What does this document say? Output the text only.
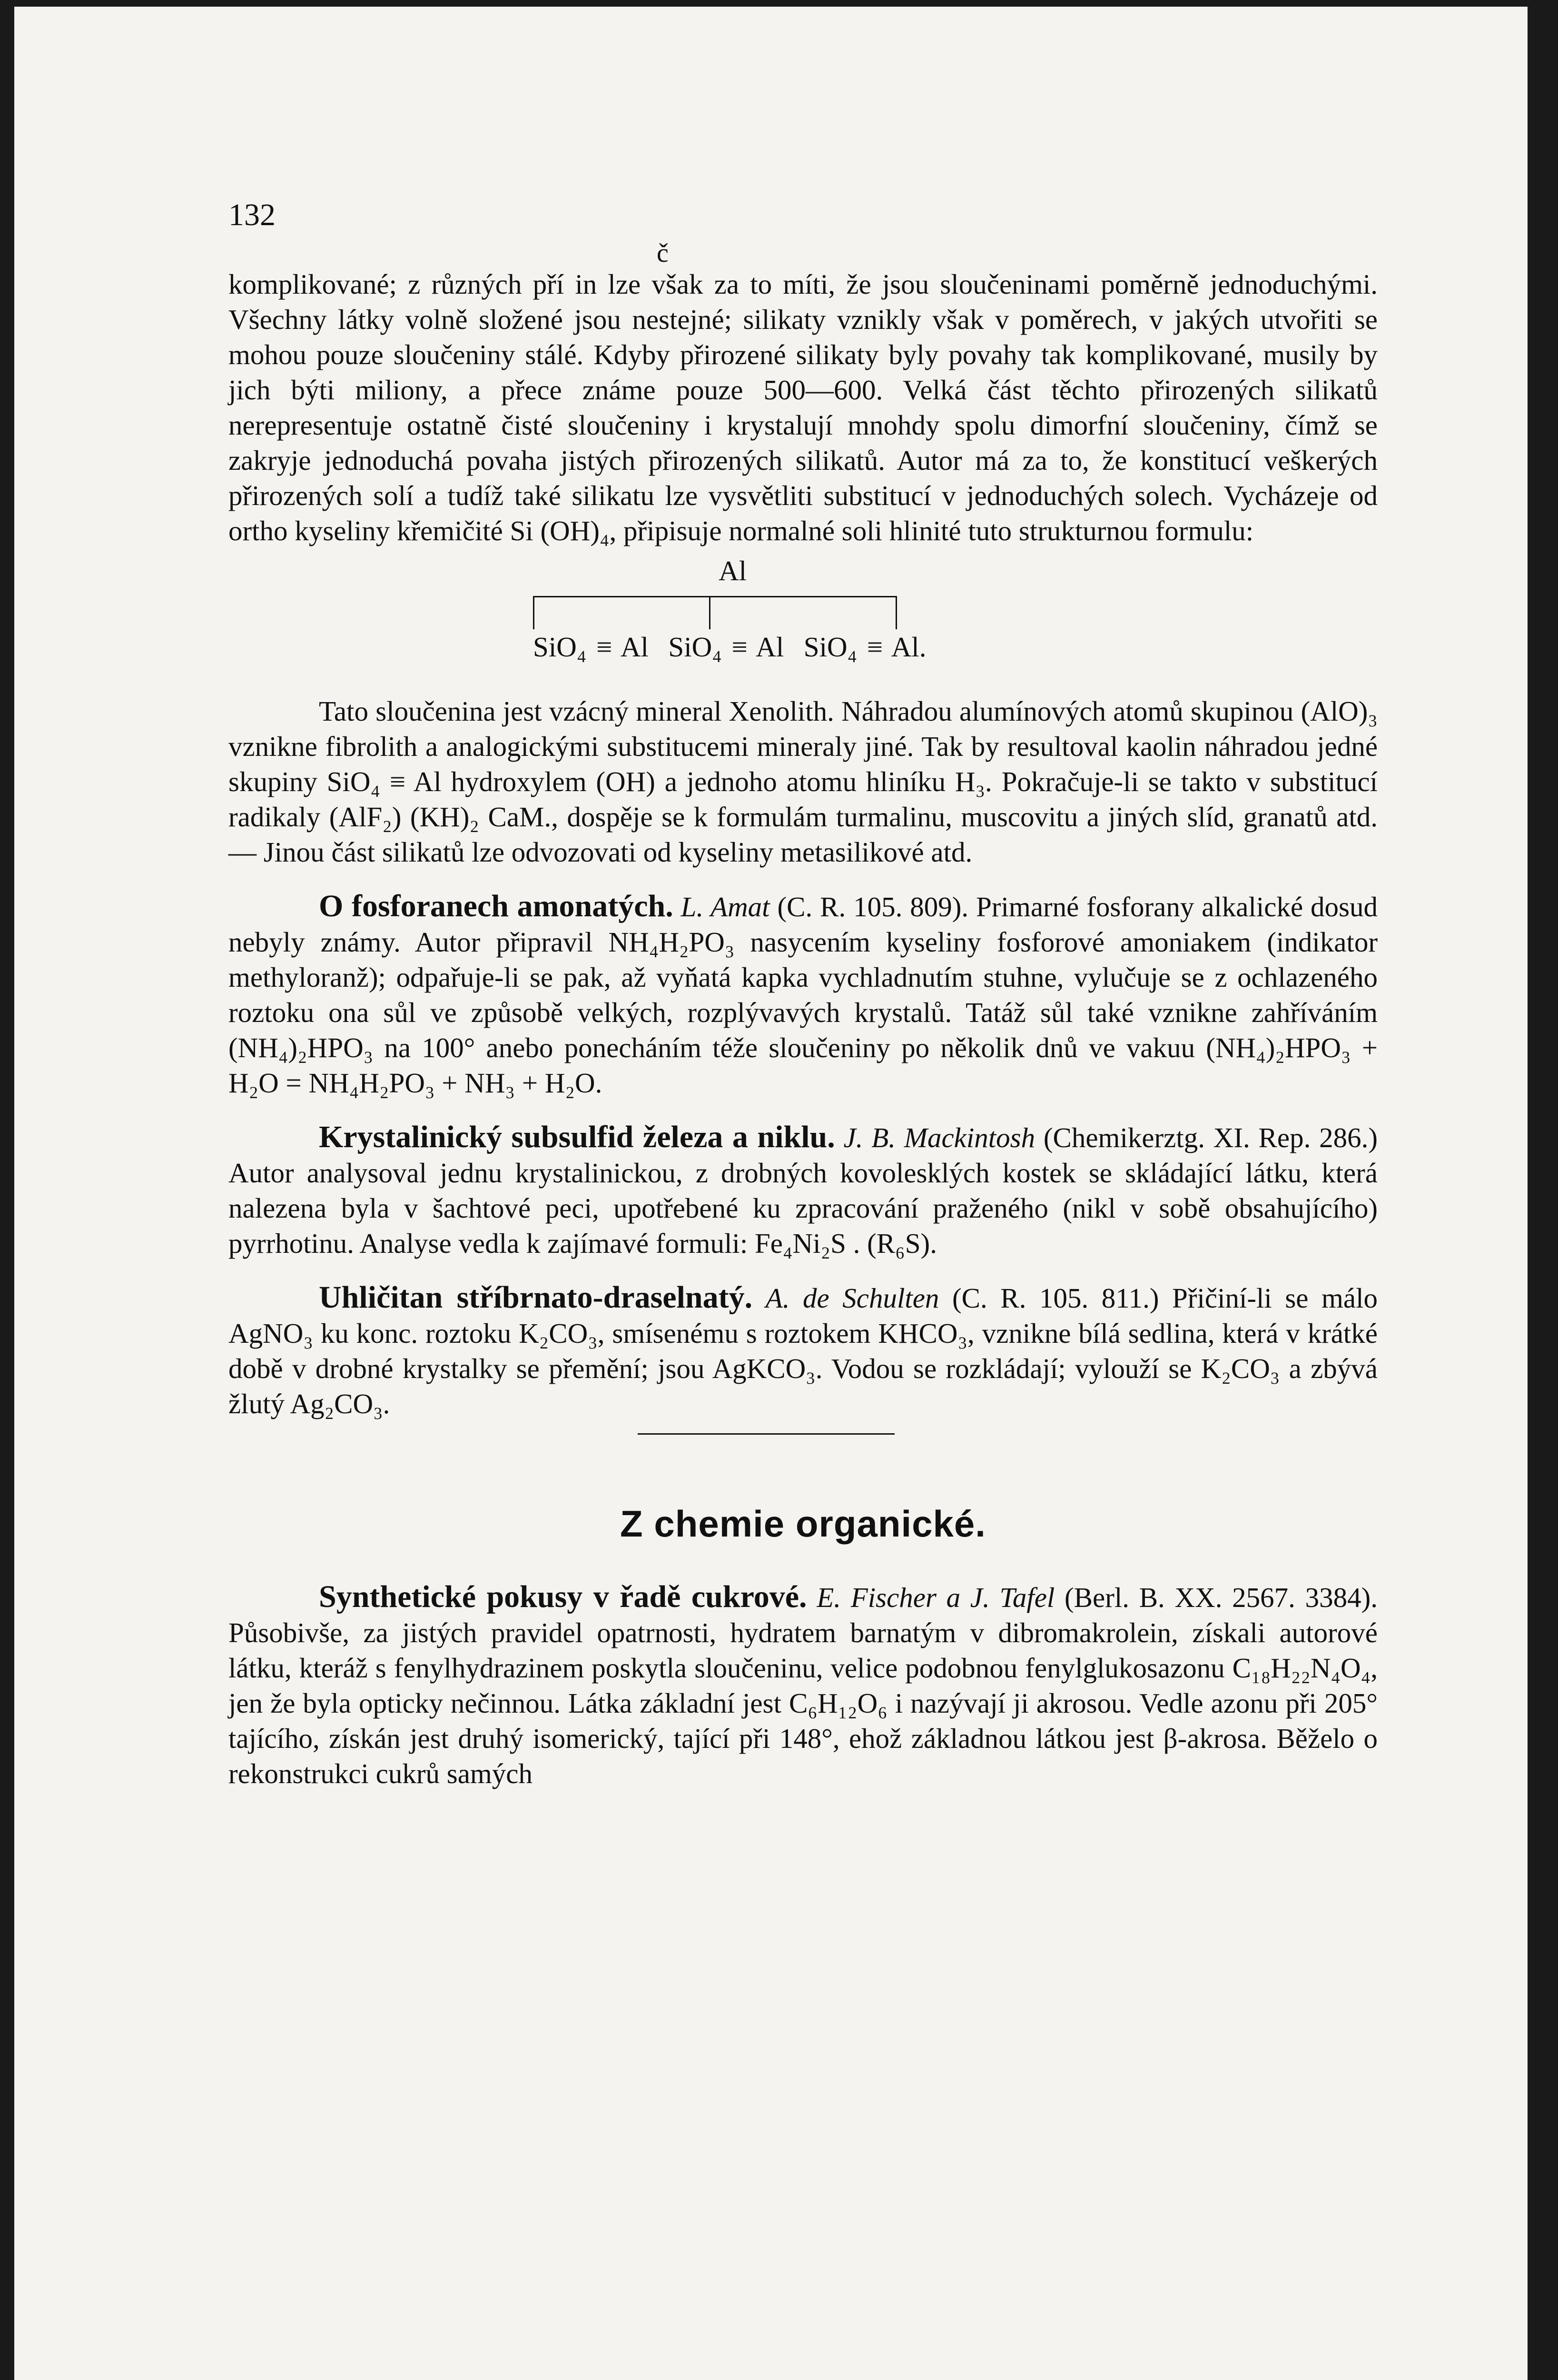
132
č

komplikované; z různých pří in lze však za to míti, že jsou sloučeninami poměrně jednoduchými. Všechny látky volně složené jsou nestejné; silikaty vznikly však v poměrech, v jakých utvořiti se mohou pouze sloučeniny stálé. Kdyby přirozené silikaty byly povahy tak komplikované, musily by jich býti miliony, a přece známe pouze 500—600. Velká část těchto přirozených silikatů nerepresentuje ostatně čisté sloučeniny i krystalují mnohdy spolu dimorfní sloučeniny, čímž se zakryje jednoduchá povaha jistých přirozených silikatů. Autor má za to, že konstitucí veškerých přirozených solí a tudíž také silikatu lze vysvětliti substitucí v jednoduchých solech. Vycházeje od ortho kyseliny křemičité Si (OH)₄, připisuje normalné soli hlinité tuto strukturnou formulu:

Al
SiO₄ ≡ Al  SiO₄ ≡ Al  SiO₄ ≡ Al.

Tato sloučenina jest vzácný mineral Xenolith. Náhradou alumínových atomů skupinou (AlO)₃ vznikne fibrolith a analogickými substitucemi mineraly jiné. Tak by resultoval kaolin náhradou jedné skupiny SiO₄ ≡ Al hydroxylem (OH) a jednoho atomu hliníku H₃. Pokračuje-li se takto v substitucí radikaly (AlF₂) (KH)₂ CaM., dospěje se k formulám turmalinu, muscovitu a jiných slíd, granatů atd. — Jinou část silikatů lze odvozovati od kyseliny metasilikové atd.

O fosforanech amonatých. L. Amat (C. R. 105. 809). Primarné fosforany alkalické dosud nebyly známy. Autor připravil NH₄H₂PO₃ nasycením kyseliny fosforové amoniakem (indikator methyloranž); odpařuje-li se pak, až vyňatá kapka vychladnutím stuhne, vylučuje se z ochlazeného roztoku ona sůl ve způsobě velkých, rozplývavých krystalů. Tatáž sůl také vznikne zahříváním (NH₄)₂HPO₃ na 100° anebo ponecháním téže sloučeniny po několik dnů ve vakuu (NH₄)₂HPO₃ + H₂O = NH₄H₂PO₃ + NH₃ + H₂O.

Krystalinický subsulfid železa a niklu. J. B. Mackintosh (Chemikerztg. XI. Rep. 286.) Autor analysoval jednu krystalinickou, z drobných kovolesklých kostek se skládající látku, která nalezena byla v šachtové peci, upotřebené ku zpracování praženého (nikl v sobě obsahujícího) pyrrhotinu. Analyse vedla k zajímavé formuli: Fe₄Ni₂S . (R₆S).

Uhličitan stříbrnato-draselnatý. A. de Schulten (C. R. 105. 811.) Přičiní-li se málo AgNO₃ ku konc. roztoku K₂CO₃, smísenému s roztokem KHCO₃, vznikne bílá sedlina, která v krátké době v drobné krystalky se přemění; jsou AgKCO₃. Vodou se rozkládají; vylouží se K₂CO₃ a zbývá žlutý Ag₂CO₃.

Z chemie organické.

Synthetické pokusy v řadě cukrové. E. Fischer a J. Tafel (Berl. B. XX. 2567. 3384). Působivše, za jistých pravidel opatrnosti, hydratem barnatým v dibromakrolein, získali autorové látku, kteráž s fenylhydrazinem poskytla sloučeninu, velice podobnou fenylglukosazonu C₁₈H₂₂N₄O₄, jen že byla opticky nečinnou. Látka základní jest C₆H₁₂O₆ i nazývají ji akrosou. Vedle azonu při 205° tajícího, získán jest druhý isomerický, tající při 148°, ehož základnou látkou jest β-akrosa. Běželo o rekonstrukci cukrů samých
